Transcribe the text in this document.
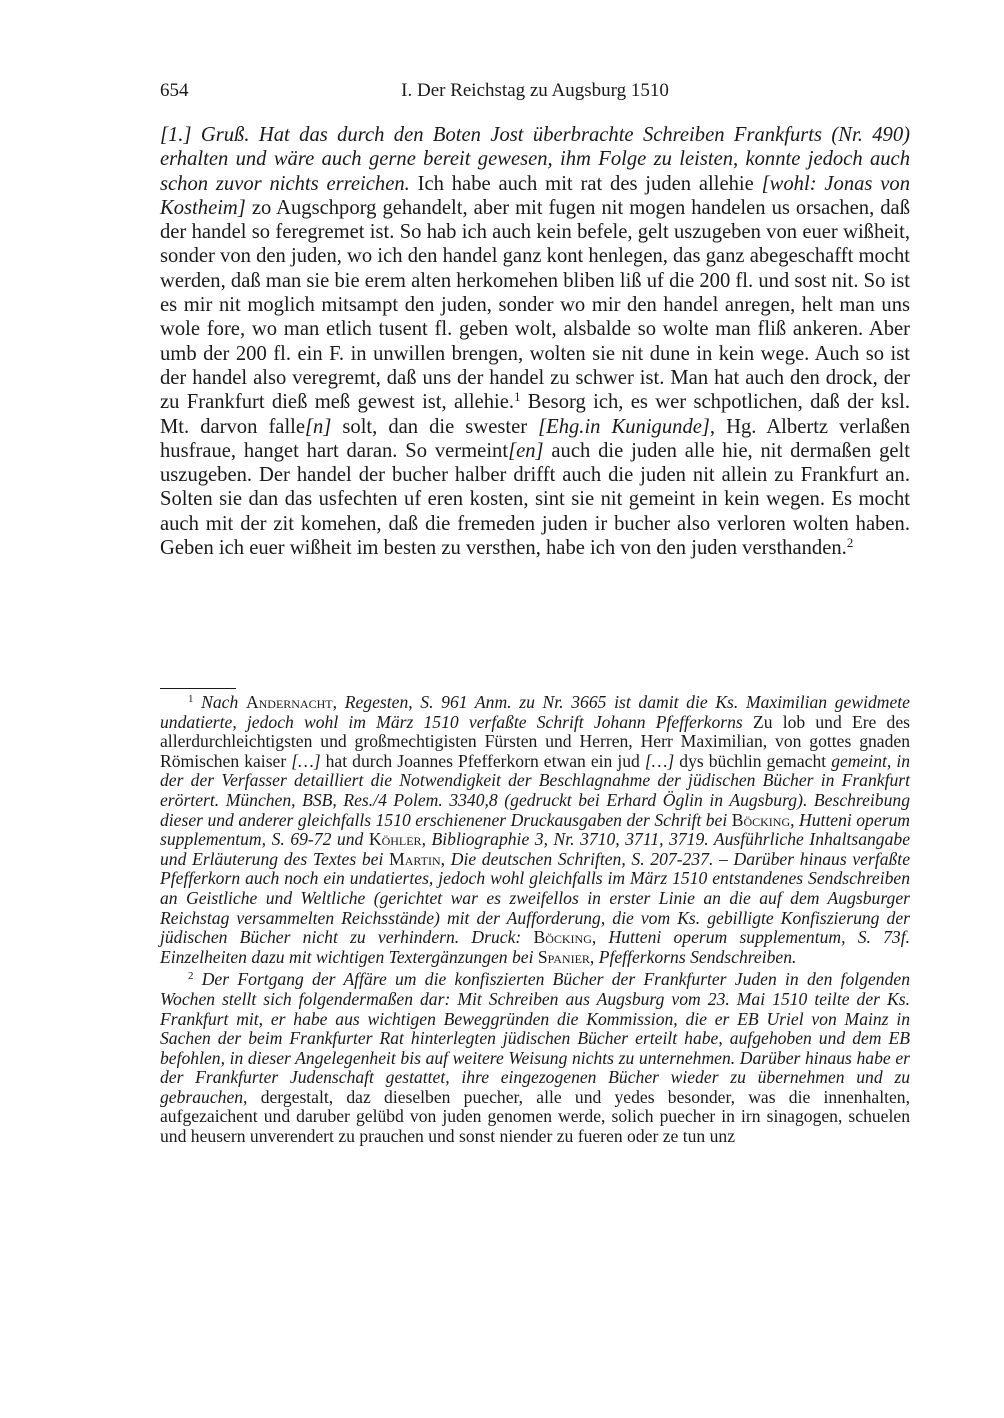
654	I. Der Reichstag zu Augsburg 1510

[1.] Gruß. Hat das durch den Boten Jost überbrachte Schreiben Frankfurts (Nr. 490) erhalten und wäre auch gerne bereit gewesen, ihm Folge zu leisten, konnte jedoch auch schon zuvor nichts erreichen. Ich habe auch mit rat des juden allehie [wohl: Jonas von Kostheim] zo Augschporg gehandelt, aber mit fugen nit mogen handelen us orsachen, daß der handel so feregremet ist. So hab ich auch kein befele, gelt uszugeben von euer wißheit, sonder von den juden, wo ich den handel ganz kont henlegen, das ganz abegeschafft mocht werden, daß man sie bie erem alten herkomehen bliben liß uf die 200 fl. und sost nit. So ist es mir nit moglich mitsampt den juden, sonder wo mir den handel anregen, helt man uns wole fore, wo man etlich tusent fl. geben wolt, alsbalde so wolte man fliß ankeren. Aber umb der 200 fl. ein F. in unwillen brengen, wolten sie nit dune in kein wege. Auch so ist der handel also veregremt, daß uns der handel zu schwer ist. Man hat auch den drock, der zu Frankfurt dieß meß gewest ist, allehie.$^1$ Besorg ich, es wer schpotlichen, daß der ksl. Mt. darvon falle[n] solt, dan die swester [Ehg.in Kunigunde], Hg. Albertz verlaßen husfraue, hanget hart daran. So vermeint[en] auch die juden alle hie, nit dermaßen gelt uszugeben. Der handel der bucher halber drifft auch die juden nit allein zu Frankfurt an. Solten sie dan das usfechten uf eren kosten, sint sie nit gemeint in kein wegen. Es mocht auch mit der zit komehen, daß die fremeden juden ir bucher also verloren wolten haben. Geben ich euer wißheit im besten zu versthen, habe ich von den juden versthanden.$^2$

$^1$ Nach Andernacht, Regesten, S. 961 Anm. zu Nr. 3665 ist damit die Ks. Maximilian gewidmete undatierte, jedoch wohl im März 1510 verfaßte Schrift Johann Pfefferkorns Zu lob und Ere des allerdurchleichtigsten und großmechtigisten Fürsten und Herren, Herr Maximilian, von gottes gnaden Römischen kaiser […] hat durch Joannes Pfefferkorn etwan ein jud […] dys büchlin gemacht gemeint, in der der Verfasser detailliert die Notwendigkeit der Beschlagnahme der jüdischen Bücher in Frankfurt erörtert. München, BSB, Res./4 Polem. 3340,8 (gedruckt bei Erhard Öglin in Augsburg). Beschreibung dieser und anderer gleichfalls 1510 erschienener Druckausgaben der Schrift bei Böcking, Hutteni operum supplementum, S. 69-72 und Köhler, Bibliographie 3, Nr. 3710, 3711, 3719. Ausführliche Inhaltsangabe und Erläuterung des Textes bei Martin, Die deutschen Schriften, S. 207-237. – Darüber hinaus verfaßte Pfefferkorn auch noch ein undatiertes, jedoch wohl gleichfalls im März 1510 entstandenes Sendschreiben an Geistliche und Weltliche (gerichtet war es zweifellos in erster Linie an die auf dem Augsburger Reichstag versammelten Reichsstände) mit der Aufforderung, die vom Ks. gebilligte Konfiszierung der jüdischen Bücher nicht zu verhindern. Druck: Böcking, Hutteni operum supplementum, S. 73f. Einzelheiten dazu mit wichtigen Textergänzungen bei Spanier, Pfefferkorns Sendschreiben.

$^2$ Der Fortgang der Affäre um die konfiszierten Bücher der Frankfurter Juden in den folgenden Wochen stellt sich folgendermaßen dar: Mit Schreiben aus Augsburg vom 23. Mai 1510 teilte der Ks. Frankfurt mit, er habe aus wichtigen Beweggründen die Kommission, die er EB Uriel von Mainz in Sachen der beim Frankfurter Rat hinterlegten jüdischen Bücher erteilt habe, aufgehoben und dem EB befohlen, in dieser Angelegenheit bis auf weitere Weisung nichts zu unternehmen. Darüber hinaus habe er der Frankfurter Judenschaft gestattet, ihre eingezogenen Bücher wieder zu übernehmen und zu gebrauchen, dergestalt, daz dieselben puecher, alle und yedes besonder, was die innenhalten, aufgezaichent und daruber gelübd von juden genomen werde, solich puecher in irn sinagogen, schuelen und heusern unverendert zu prauchen und sonst niender zu fueren oder ze tun unz
